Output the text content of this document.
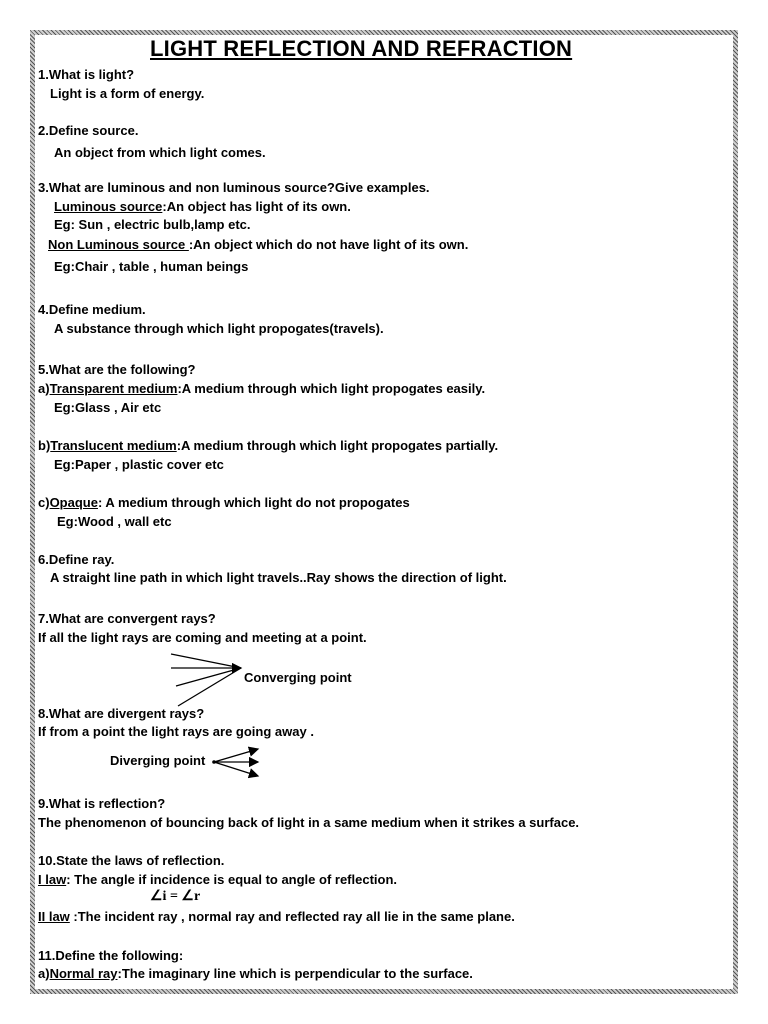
LIGHT REFLECTION AND REFRACTION
1.What is light?
Light is a form of energy.
2.Define source.
An object from which light comes.
3.What are luminous and non luminous source?Give examples.
Luminous source:An object has light of its own.
Eg: Sun , electric bulb,lamp etc.
Non Luminous source :An object which do not have light of its own.
Eg:Chair , table , human beings
4.Define medium.
A substance through which light propogates(travels).
5.What are the following?
a)Transparent medium:A medium through which light propogates easily.
Eg:Glass , Air etc
b)Translucent medium:A medium through which light propogates partially.
Eg:Paper , plastic cover etc
c)Opaque: A medium through which light do not propogates
Eg:Wood , wall etc
6.Define ray.
A straight line path in which light travels..Ray shows the direction of light.
7.What are convergent rays?
If all the light rays are coming and meeting at a point.
Converging point
8.What are divergent rays?
If from a point the light rays are going away .
Diverging point
9.What is reflection?
The phenomenon of bouncing back of light in a same medium when it strikes a surface.
10.State the laws of reflection.
I law: The angle if incidence is equal to angle of reflection.
∠i = ∠r
II law :The incident ray , normal ray and reflected ray all lie in the same plane.
11.Define the following:
a)Normal ray:The imaginary line which is perpendicular to the surface.
